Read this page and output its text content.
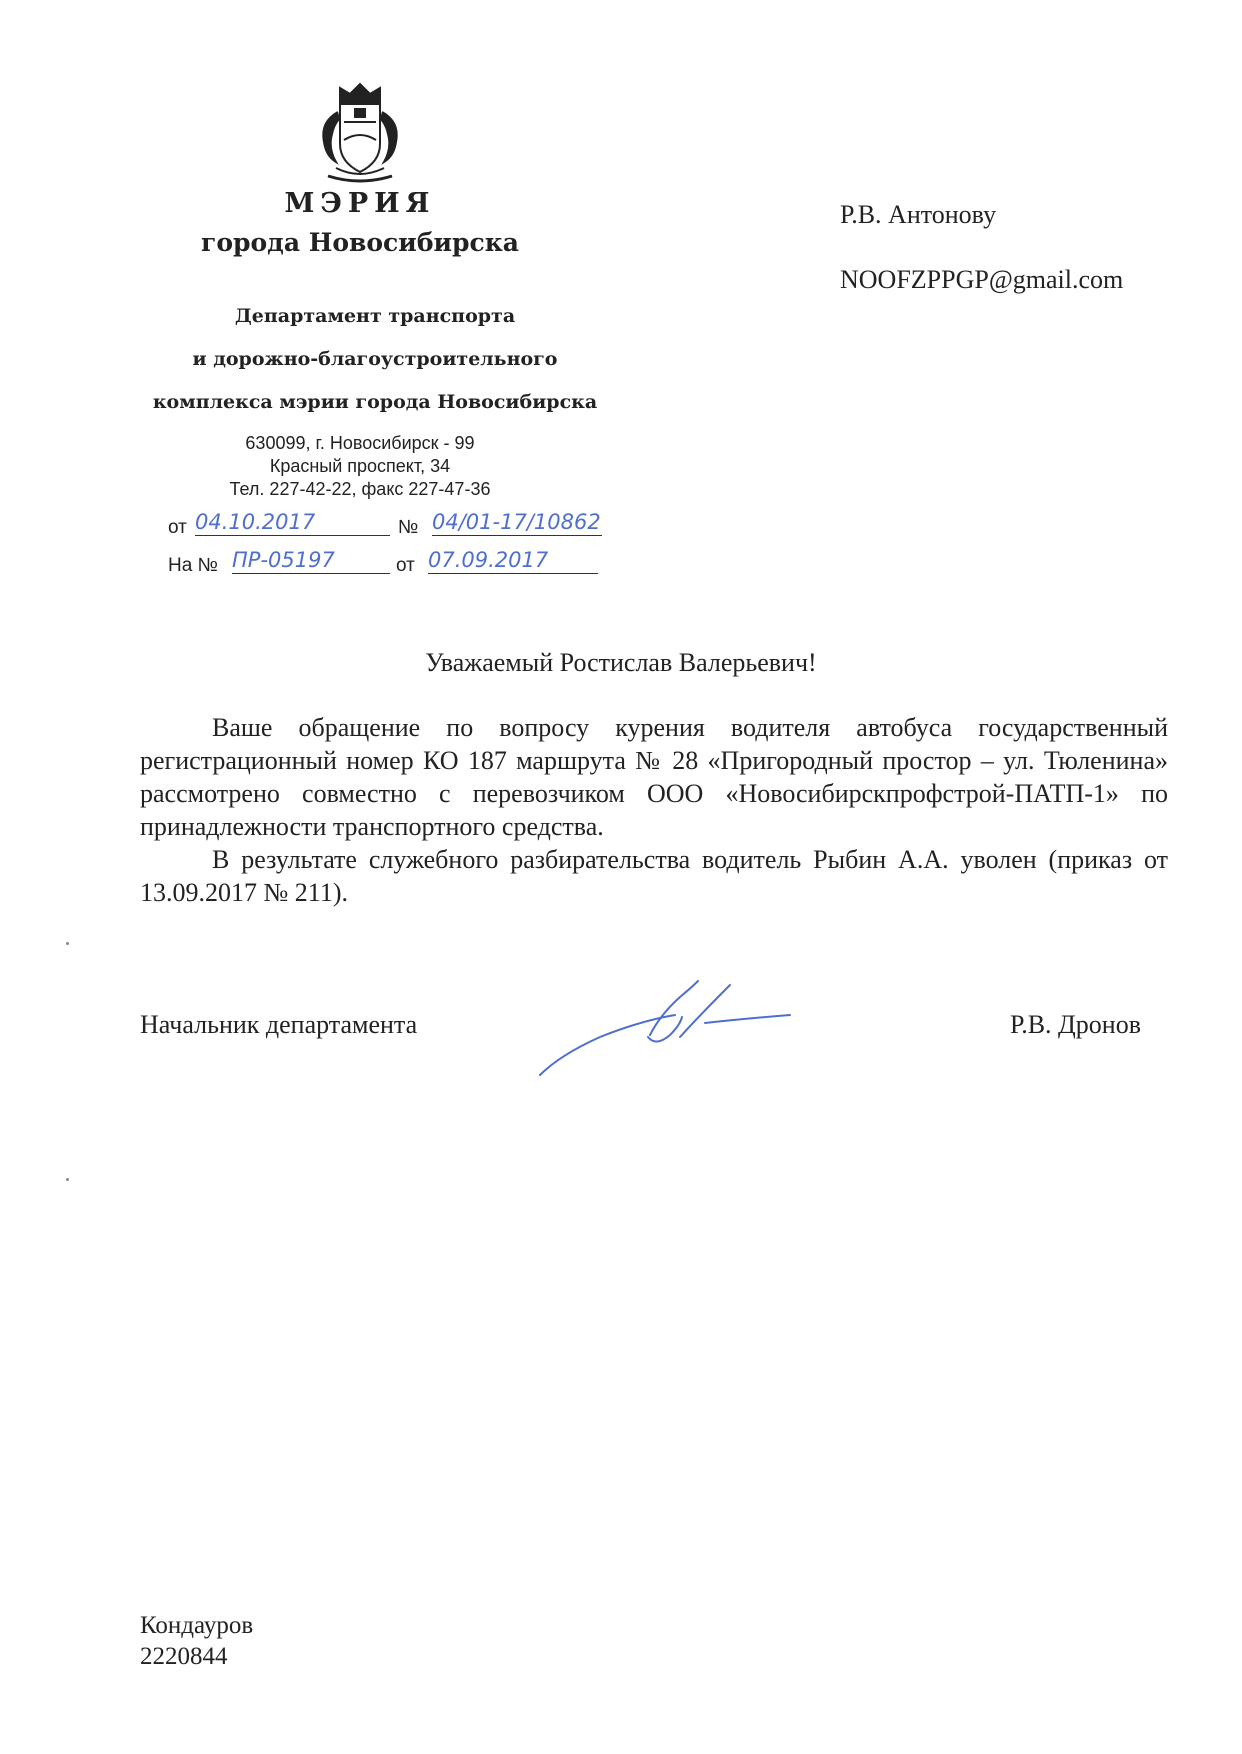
МЭРИЯ
города Новосибирска
Департамент транспорта
и дорожно-благоустроительного
комплекса мэрии города Новосибирска
630099, г. Новосибирск - 99
Красный проспект, 34
Тел. 227-42-22, факс 227-47-36
от 04.10.2017	№ 04/01-17/10862
На № ПР-05197	от 07.09.2017
Р.В. Антонову
NOOFZPPGP@gmail.com
Уважаемый Ростислав Валерьевич!

Ваше обращение по вопросу курения водителя автобуса государственный регистрационный номер КО 187 маршрута № 28 «Пригородный простор – ул. Тюленина» рассмотрено совместно с перевозчиком ООО «Новосибирскпрофстрой-ПАТП-1» по принадлежности транспортного средства.

В результате служебного разбирательства водитель Рыбин А.А. уволен (приказ от 13.09.2017 № 211).

Начальник департамента	Р.В. Дронов
Кондауров
2220844
